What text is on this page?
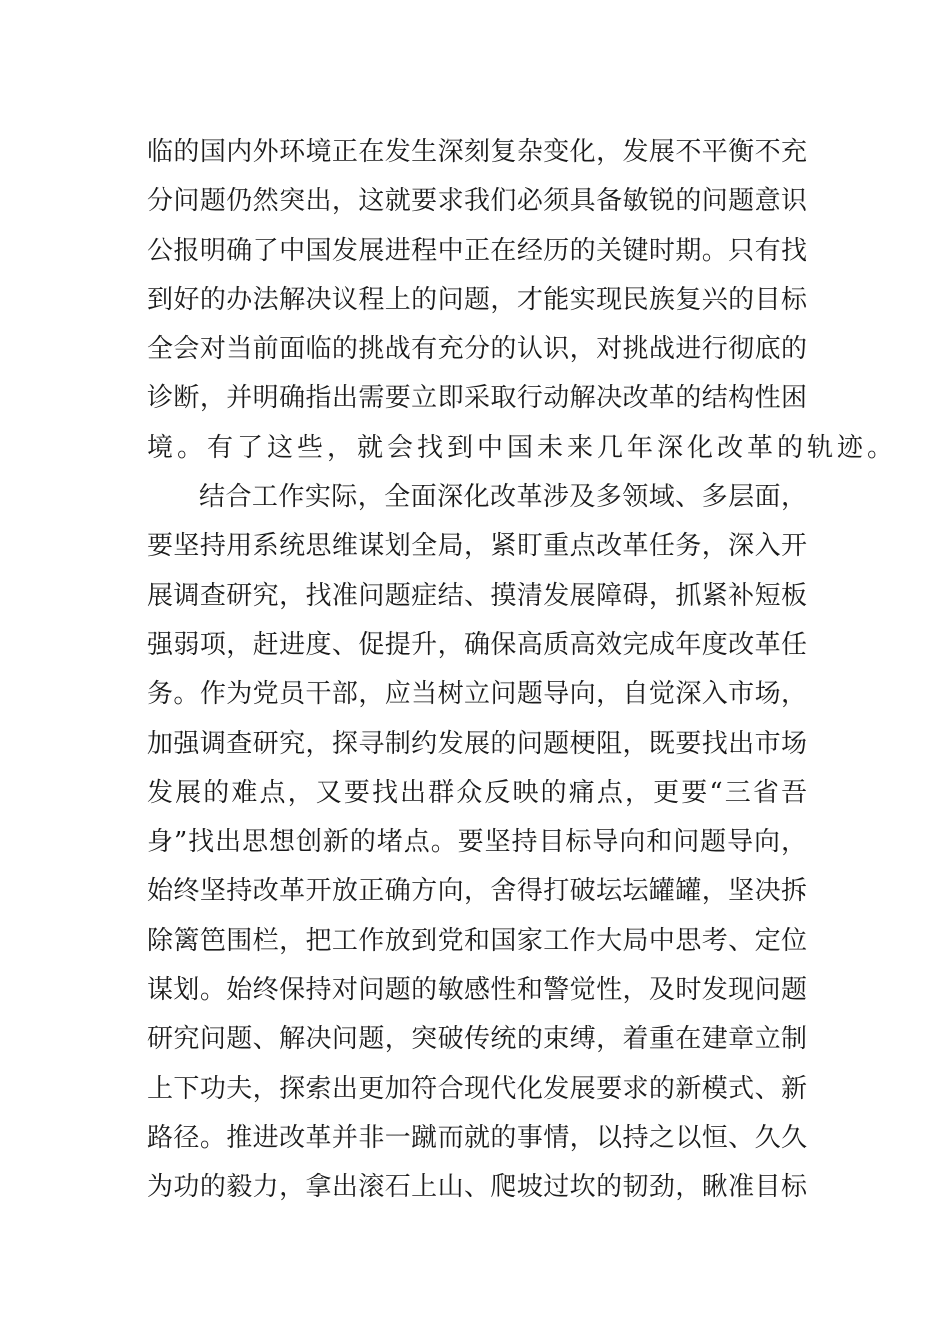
临的国内外环境正在发生深刻复杂变化，发展不平衡不充
分问题仍然突出，这就要求我们必须具备敏锐的问题意识
公报明确了中国发展进程中正在经历的关键时期。只有找
到好的办法解决议程上的问题，才能实现民族复兴的目标
全会对当前面临的挑战有充分的认识，对挑战进行彻底的
诊断，并明确指出需要立即采取行动解决改革的结构性困
境。有了这些，就会找到中国未来几年深化改革的轨迹。
结合工作实际，全面深化改革涉及多领域、多层面，
要坚持用系统思维谋划全局，紧盯重点改革任务，深入开
展调查研究，找准问题症结、摸清发展障碍，抓紧补短板
强弱项，赶进度、促提升，确保高质高效完成年度改革任
务。作为党员干部，应当树立问题导向，自觉深入市场，
加强调查研究，探寻制约发展的问题梗阻，既要找出市场
发展的难点，又要找出群众反映的痛点，更要“三省吾
身”找出思想创新的堵点。要坚持目标导向和问题导向，
始终坚持改革开放正确方向，舍得打破坛坛罐罐，坚决拆
除篱笆围栏，把工作放到党和国家工作大局中思考、定位
谋划。始终保持对问题的敏感性和警觉性，及时发现问题
研究问题、解决问题，突破传统的束缚，着重在建章立制
上下功夫，探索出更加符合现代化发展要求的新模式、新
路径。推进改革并非一蹴而就的事情，以持之以恒、久久
为功的毅力，拿出滚石上山、爬坡过坎的韧劲，瞅准目标
